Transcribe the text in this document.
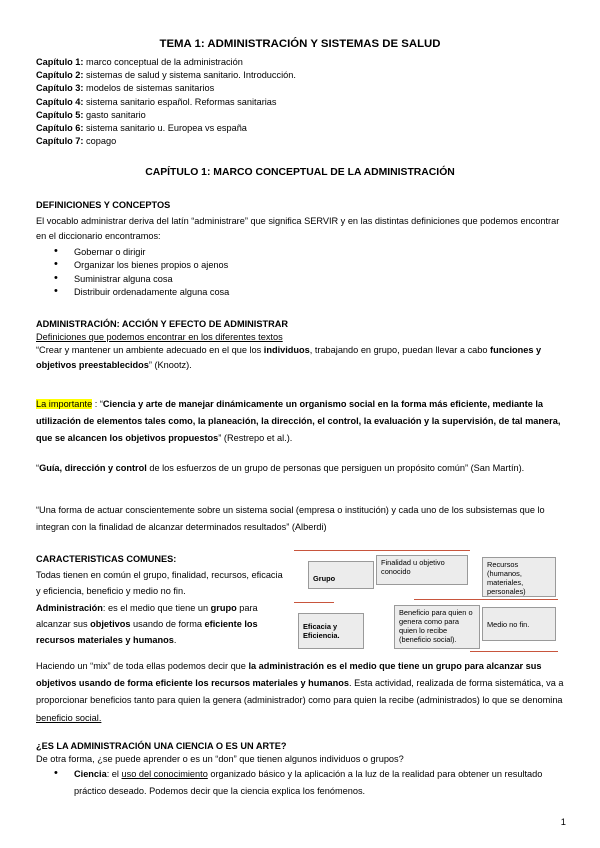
TEMA 1: ADMINISTRACIÓN Y SISTEMAS DE SALUD
Capítulo 1: marco conceptual de la administración
Capítulo 2: sistemas de salud y sistema sanitario. Introducción.
Capítulo 3: modelos de sistemas sanitarios
Capítulo 4: sistema sanitario español. Reformas sanitarias
Capítulo 5: gasto sanitario
Capítulo 6: sistema sanitario u. Europea vs españa
Capítulo 7: copago
CAPÍTULO 1: MARCO CONCEPTUAL DE LA ADMINISTRACIÓN

DEFINICIONES Y CONCEPTOS

El vocablo administrar deriva del latín “administrare” que significa SERVIR y en las distintas definiciones que podemos encontrar en el diccionario encontramos:

• Gobernar o dirigir
• Organizar los bienes propios o ajenos
• Suministrar alguna cosa
• Distribuir ordenadamente alguna cosa

ADMINISTRACIÓN: ACCIÓN Y EFECTO DE ADMINISTRAR

Definiciones que podemos encontrar en los diferentes textos

“Crear y mantener un ambiente adecuado en el que los individuos, trabajando en grupo, puedan llevar a cabo funciones y objetivos preestablecidos” (Knootz).

La importante : “Ciencia y arte de manejar dinámicamente un organismo social en la forma más eficiente, mediante la utilización de elementos tales como, la planeación, la dirección, el control, la evaluación y la supervisión, de tal manera, que se alcancen los objetivos propuestos” (Restrepo et al.).
“Guía, dirección y control de los esfuerzos de un grupo de personas que persiguen un propósito común” (San Martín).
“Una forma de actuar conscientemente sobre un sistema social (empresa o institución) y cada uno de los subsistemas que lo integran con la finalidad de alcanzar determinados resultados” (Alberdi)

CARACTERISTICAS COMUNES:

Todas tienen en común el grupo, finalidad, recursos, eficacia y eficiencia, beneficio y medio no fin.

Administración: es el medio que tiene un grupo para alcanzar sus objetivos usando de forma eficiente los recursos materiales y humanos.

Grupo
Finalidad u objetivo conocido
Recursos (humanos, materiales, personales)
Eficacia y Eficiencia.
Beneficio para quien o genera como para quien lo recibe (beneficio social).
Medio no fin.
Haciendo un “mix” de toda ellas podemos decir que la administración es el medio que tiene un grupo para alcanzar sus objetivos usando de forma eficiente los recursos materiales y humanos. Esta actividad, realizada de forma sistemática, va a proporcionar beneficios tanto para quien la genera (administrador) como para quien la recibe (administrados) lo que se denomina beneficio social.

¿ES LA ADMINISTRACIÓN UNA CIENCIA O ES UN ARTE?

De otra forma, ¿se puede aprender o es un “don” que tienen algunos individuos o grupos?

• Ciencia: el uso del conocimiento organizado básico y la aplicación a la luz de la realidad para obtener un resultado práctico deseado. Podemos decir que la ciencia explica los fenómenos.
1
